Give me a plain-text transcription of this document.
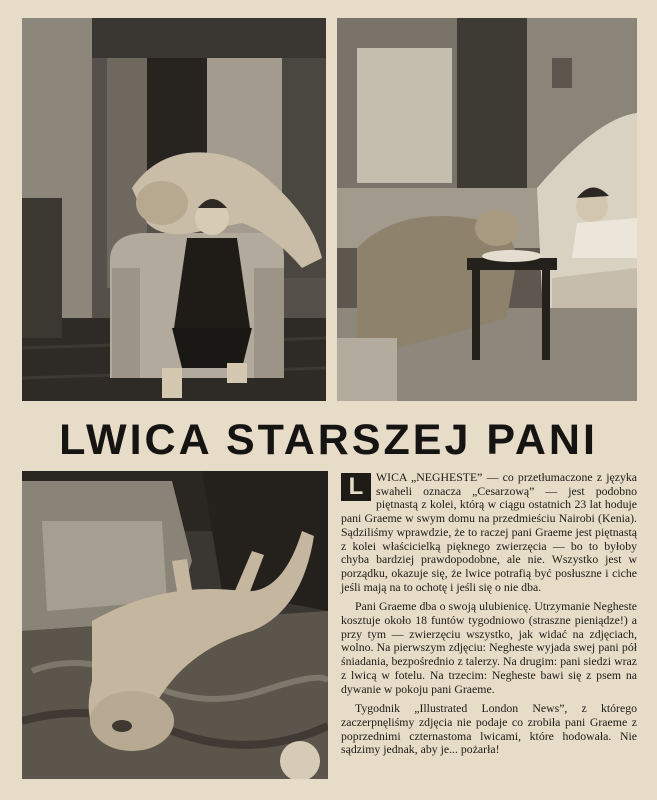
LWICA STARSZEJ PANI

L	WICA „NEGHESTE” — co przetłumaczone z języka swaheli oznacza „Cesarzową” — jest podobno piętnastą z kolei, którą w ciągu ostatnich 23 lat hoduje pani Graeme w swym domu na przedmieściu Nairobi (Kenia). Sądziliśmy wprawdzie, że to raczej pani Graeme jest piętnastą z kolei właścicielką pięknego zwierzęcia — bo to byłoby chyba bardziej prawdopodobne, ale nie. Wszystko jest w porządku, okazuje się, że lwice potrafią być posłuszne i ciche jeśli mają na to ochotę i jeśli się o nie dba.

Pani Graeme dba o swoją ulubienicę. Utrzymanie Negheste kosztuje około 18 funtów tygodniowo (straszne pieniądze!) a przy tym — zwierzęciu wszystko, jak widać na zdjęciach, wolno. Na pierwszym zdjęciu: Negheste wyjada swej pani pół śniadania, bezpośrednio z talerzy. Na drugim: pani siedzi wraz z lwicą w fotelu. Na trzecim: Negheste bawi się z psem na dywanie w pokoju pani Graeme.

Tygodnik „Illustrated London News”, z którego zaczerpnęliśmy zdjęcia nie podaje co zrobiła pani Graeme z poprzednimi czternastoma lwicami, które hodowała. Nie sądzimy jednak, aby je... pożarła!
